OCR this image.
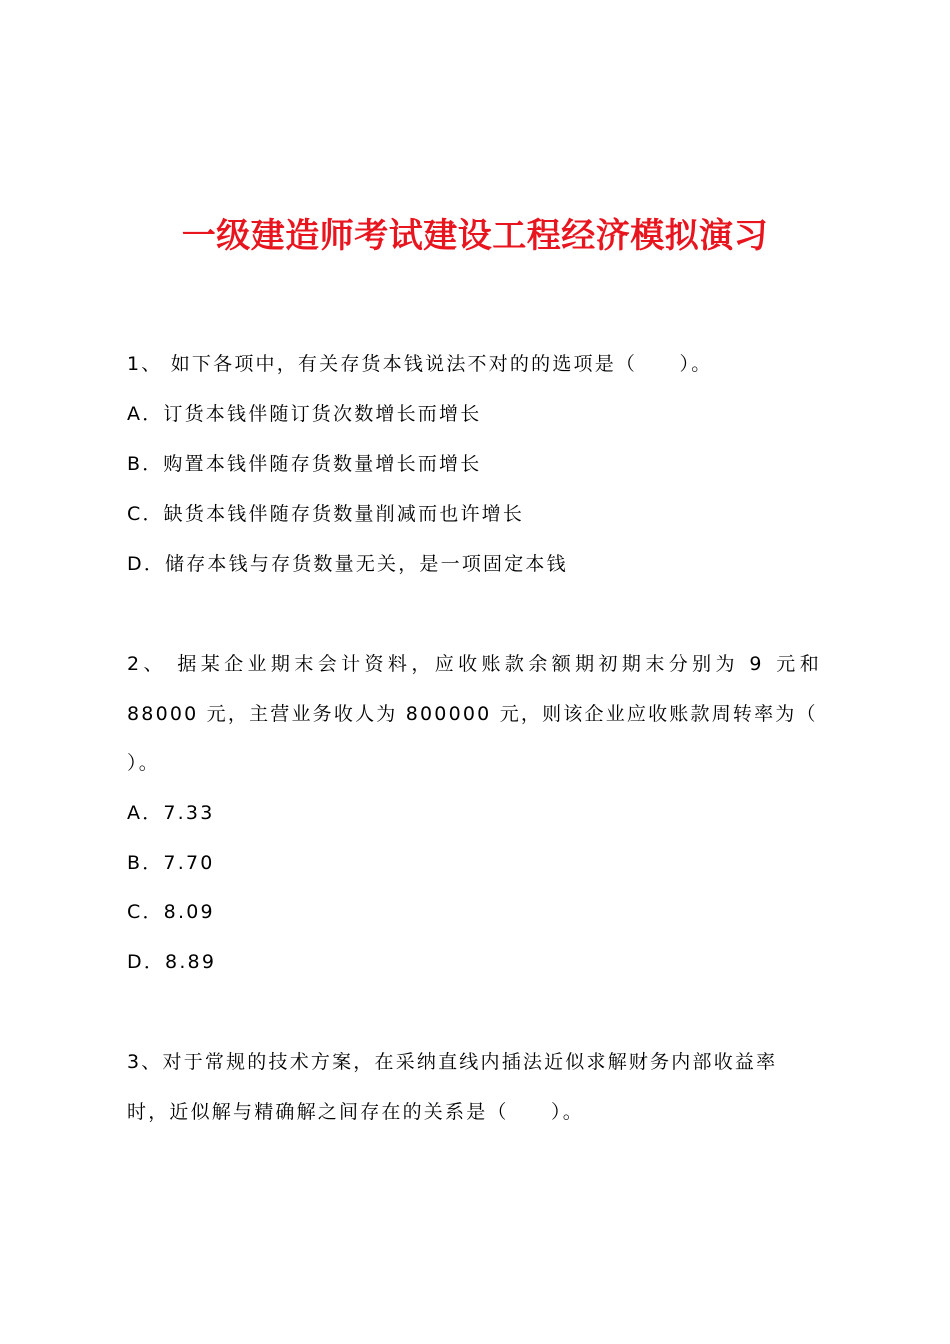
一级建造师考试建设工程经济模拟演习
1、 如下各项中，有关存货本钱说法不对的的选项是（　　）。
A．订货本钱伴随订货次数增长而增长
B．购置本钱伴随存货数量增长而增长
C．缺货本钱伴随存货数量削减而也许增长
D．储存本钱与存货数量无关，是一项固定本钱
2、 据某企业期末会计资料，应收账款余额期初期末分别为 9 元和
88000 元，主营业务收人为 800000 元，则该企业应收账款周转率为（
）。
A．7.33
B．7.70
C．8.09
D．8.89
3、对于常规的技术方案，在采纳直线内插法近似求解财务内部收益率
时，近似解与精确解之间存在的关系是（　　）。
